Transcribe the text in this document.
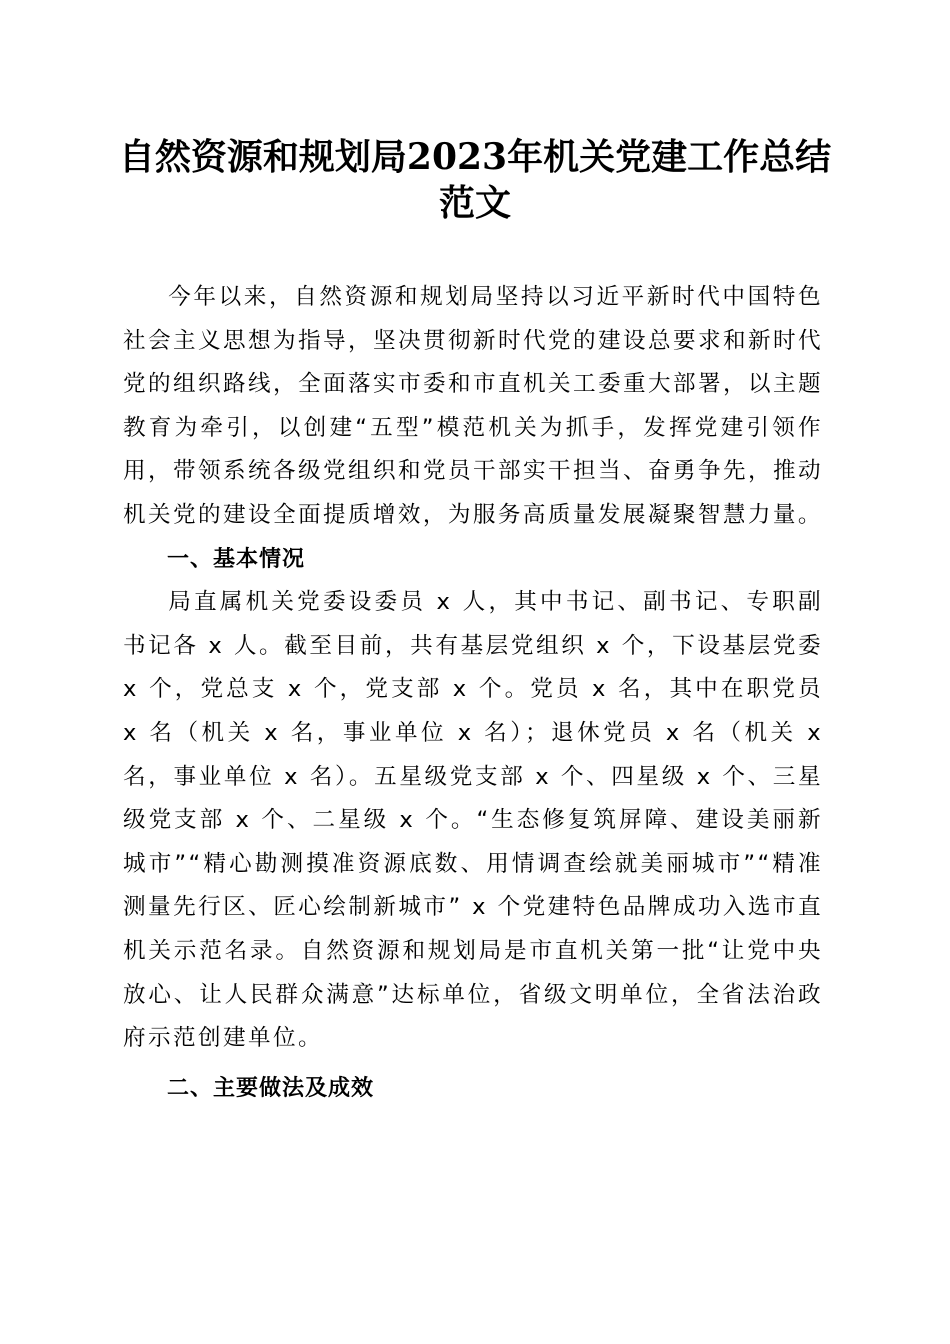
自然资源和规划局2023年机关党建工作总结
范文

今年以来，自然资源和规划局坚持以习近平新时代中国特色社会主义思想为指导，坚决贯彻新时代党的建设总要求和新时代党的组织路线，全面落实市委和市直机关工委重大部署，以主题教育为牵引，以创建“五型”模范机关为抓手，发挥党建引领作用，带领系统各级党组织和党员干部实干担当、奋勇争先，推动机关党的建设全面提质增效，为服务高质量发展凝聚智慧力量。

一、基本情况

局直属机关党委设委员 x 人，其中书记、副书记、专职副书记各 x 人。截至目前，共有基层党组织 x 个，下设基层党委 x 个，党总支 x 个，党支部 x 个。党员 x 名，其中在职党员 x 名（机关 x 名，事业单位 x 名）；退休党员 x 名（机关 x 名，事业单位 x 名）。五星级党支部 x 个、四星级 x 个、三星级党支部 x 个、二星级 x 个。“生态修复筑屏障、建设美丽新城市”“精心勘测摸准资源底数、用情调查绘就美丽城市”“精准测量先行区、匠心绘制新城市” x 个党建特色品牌成功入选市直机关示范名录。自然资源和规划局是市直机关第一批“让党中央放心、让人民群众满意”达标单位，省级文明单位，全省法治政府示范创建单位。

二、主要做法及成效
